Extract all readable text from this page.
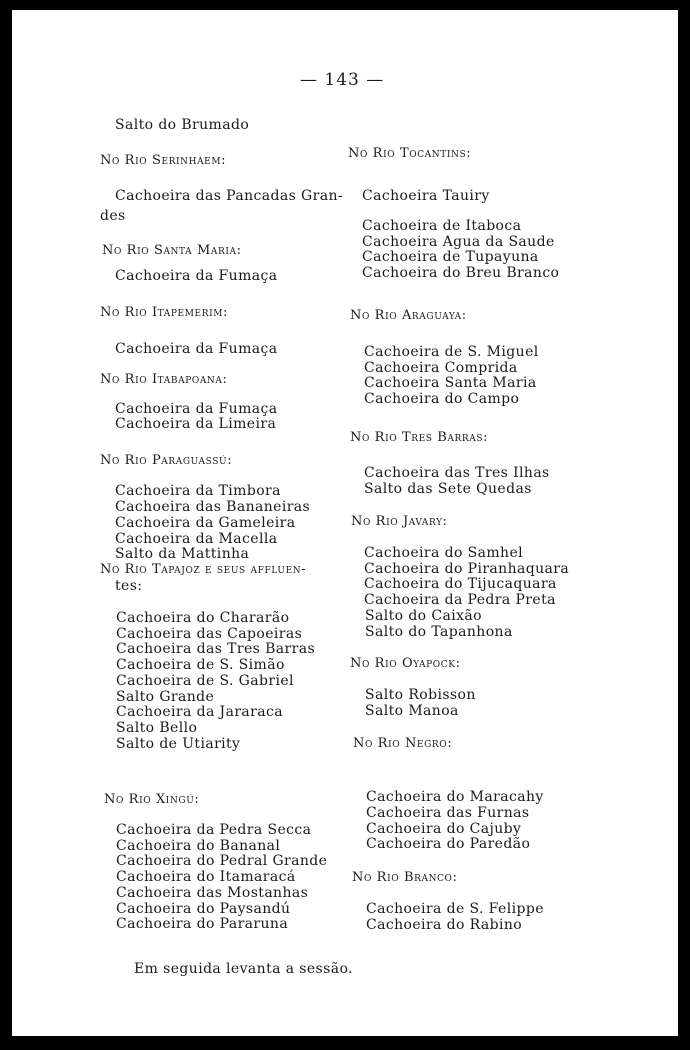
— 143 —
Salto do Brumado
No Rio Serinhaem:
Cachoeira das Pancadas Gran-
des
No Rio Santa Maria:
Cachoeira da Fumaça
No Rio Itapemerim:
Cachoeira da Fumaça
No Rio Itabapoana:
Cachoeira da Fumaça
Cachoeira da Limeira
No Rio Paraguassú:
Cachoeira da Timbora
Cachoeira das Bananeiras
Cachoeira da Gameleira
Cachoeira da Macella
Salto da Mattinha
No Rio Tapajoz e seus affluen-
tes:
Cachoeira do Chararão
Cachoeira das Capoeiras
Cachoeira das Tres Barras
Cachoeira de S. Simão
Cachoeira de S. Gabriel
Salto Grande
Cachoeira da Jararaca
Salto Bello
Salto de Utiarity
No Rio Xingú:
Cachoeira da Pedra Secca
Cachoeira do Bananal
Cachoeira do Pedral Grande
Cachoeira do Itamaracá
Cachoeira das Mostanhas
Cachoeira do Paysandú
Cachoeira do Pararuna
No Rio Tocantins:
Cachoeira Tauiry
Cachoeira de Itaboca
Cachoeira Agua da Saude
Cachoeira de Tupayuna
Cachoeira do Breu Branco
No Rio Araguaya:
Cachoeira de S. Miguel
Cachoeira Comprida
Cachoeira Santa Maria
Cachoeira do Campo
No Rio Tres Barras:
Cachoeira das Tres Ilhas
Salto das Sete Quedas
No Rio Javary:
Cachoeira do Samhel
Cachoeira do Piranhaquara
Cachoeira do Tijucaquara
Cachoeira da Pedra Preta
Salto do Caixão
Salto do Tapanhona
No Rio Oyapock:
Salto Robisson
Salto Manoa
No Rio Negro:
Cachoeira do Maracahy
Cachoeira das Furnas
Cachoeira do Cajuby
Cachoeira do Paredão
No Rio Branco:
Cachoeira de S. Felippe
Cachoeira do Rabino
Em seguida levanta a sessão.
